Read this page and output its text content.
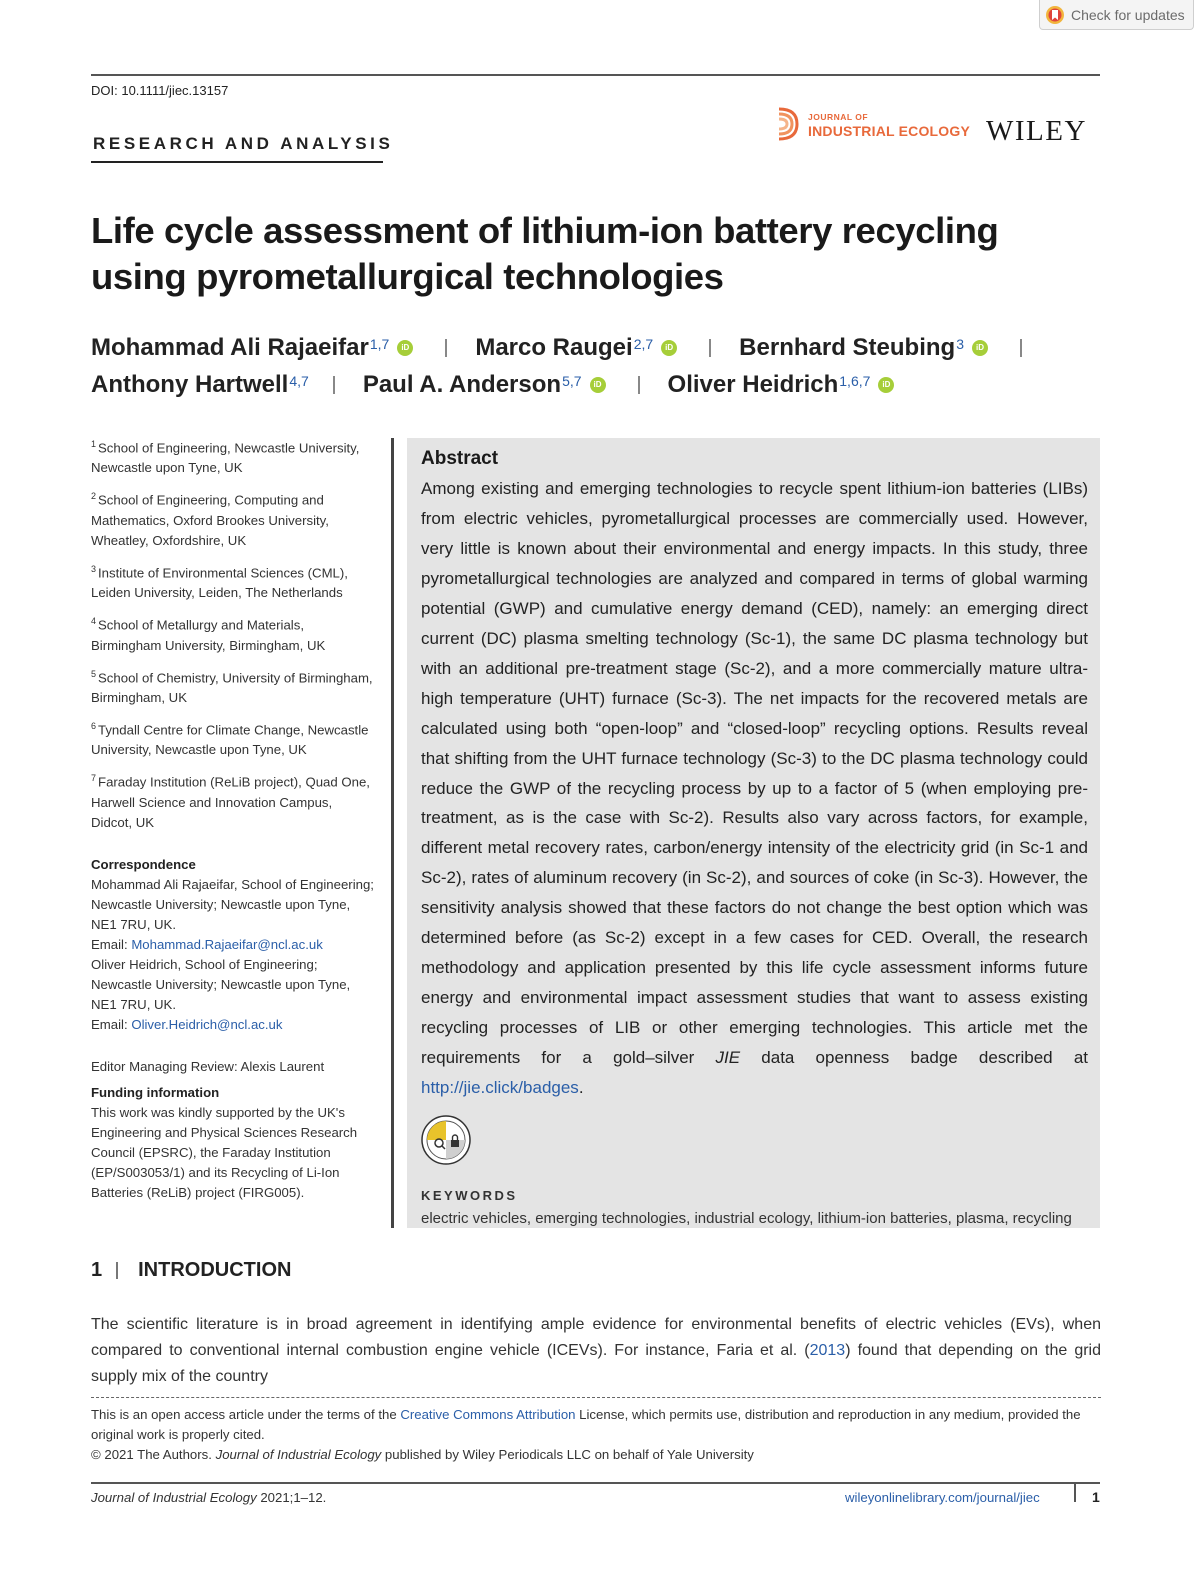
Check for updates
DOI: 10.1111/jiec.13157
RESEARCH AND ANALYSIS
JOURNAL OF
INDUSTRIAL ECOLOGY WILEY
Life cycle assessment of lithium-ion battery recycling using pyrometallurgical technologies
Mohammad Ali Rajaeifar$^{1,7}$	iD	Marco Raugei$^{2,7}$	iD	Bernhard Steubing$^3$	iD
Anthony Hartwell$^{4,7}$ Paul A. Anderson$^{5,7}$	iD	Oliver Heidrich$^{1,6,7}$	iD
$^1$ School of Engineering, Newcastle University, Newcastle upon Tyne, UK
$^2$ School of Engineering, Computing and Mathematics, Oxford Brookes University, Wheatley, Oxfordshire, UK
$^3$ Institute of Environmental Sciences (CML), Leiden University, Leiden, The Netherlands
$^4$ School of Metallurgy and Materials, Birmingham University, Birmingham, UK
$^5$ School of Chemistry, University of Birmingham, Birmingham, UK
$^6$ Tyndall Centre for Climate Change, Newcastle University, Newcastle upon Tyne, UK
$^7$ Faraday Institution (ReLiB project), Quad One, Harwell Science and Innovation Campus, Didcot, UK
Correspondence
Mohammad Ali Rajaeifar, School of Engineering; Newcastle University; Newcastle upon Tyne, NE1 7RU, UK.
Email: Mohammad.Rajaeifar@ncl.ac.uk
Oliver Heidrich, School of Engineering; Newcastle University; Newcastle upon Tyne, NE1 7RU, UK.
Email: Oliver.Heidrich@ncl.ac.uk
Editor Managing Review: Alexis Laurent
Funding information
This work was kindly supported by the UK's Engineering and Physical Sciences Research Council (EPSRC), the Faraday Institution (EP/S003053/1) and its Recycling of Li-Ion Batteries (ReLiB) project (FIRG005).
Abstract

Among existing and emerging technologies to recycle spent lithium-ion batteries (LIBs) from electric vehicles, pyrometallurgical processes are commercially used. However, very little is known about their environmental and energy impacts. In this study, three pyrometallurgical technologies are analyzed and compared in terms of global warming potential (GWP) and cumulative energy demand (CED), namely: an emerging direct current (DC) plasma smelting technology (Sc-1), the same DC plasma technology but with an additional pre-treatment stage (Sc-2), and a more commercially mature ultra-high temperature (UHT) furnace (Sc-3). The net impacts for the recovered metals are calculated using both “open-loop” and “closed-loop” recycling options. Results reveal that shifting from the UHT furnace technology (Sc-3) to the DC plasma technology could reduce the GWP of the recycling process by up to a factor of 5 (when employing pre-treatment, as is the case with Sc-2). Results also vary across factors, for example, different metal recovery rates, carbon/energy intensity of the electricity grid (in Sc-1 and Sc-2), rates of aluminum recovery (in Sc-2), and sources of coke (in Sc-3). However, the sensitivity analysis showed that these factors do not change the best option which was determined before (as Sc-2) except in a few cases for CED. Overall, the research methodology and application presented by this life cycle assessment informs future energy and environmental impact assessment studies that want to assess existing recycling processes of LIB or other emerging technologies. This article met the requirements for a gold–silver JIE data openness badge described at http://jie.click/badges.

KEYWORDS
electric vehicles, emerging technologies, industrial ecology, lithium-ion batteries, plasma, recycling
1 INTRODUCTION

The scientific literature is in broad agreement in identifying ample evidence for environmental benefits of electric vehicles (EVs), when compared to conventional internal combustion engine vehicle (ICEVs). For instance, Faria et al. (2013) found that depending on the grid supply mix of the country

This is an open access article under the terms of the Creative Commons Attribution License, which permits use, distribution and reproduction in any medium, provided the original work is properly cited.
© 2021 The Authors. Journal of Industrial Ecology published by Wiley Periodicals LLC on behalf of Yale University
Journal of Industrial Ecology 2021;1–12.	wileyonlinelibrary.com/journal/jiec	1
